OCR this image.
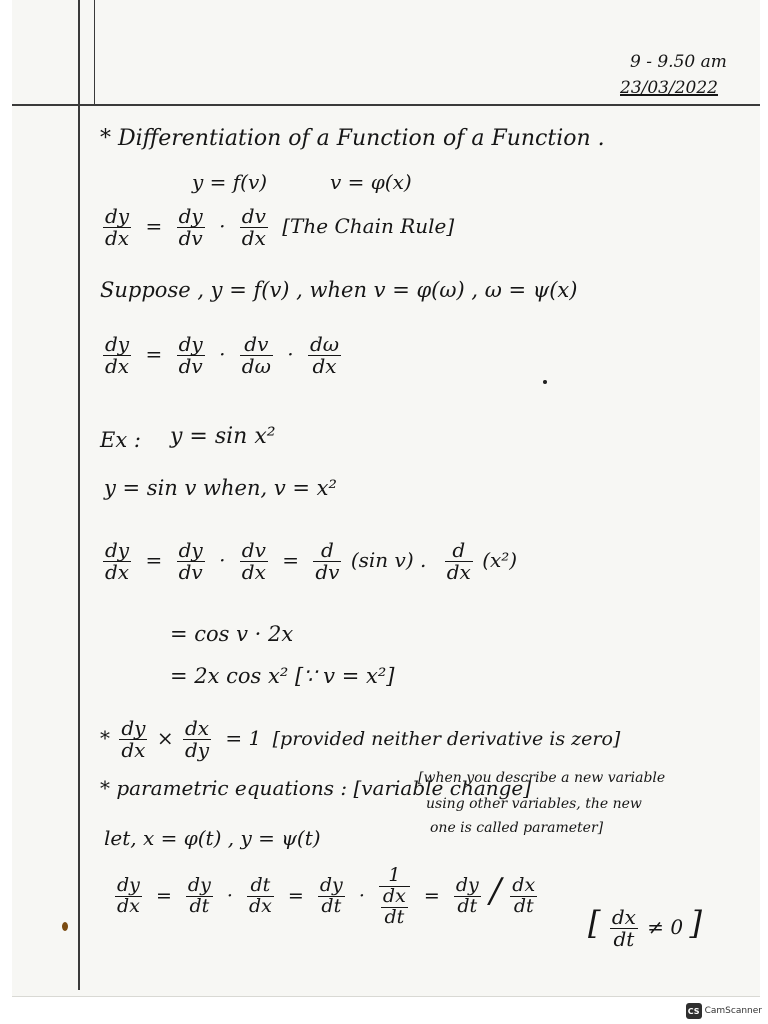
9 - 9.50 am
23/03/2022
* Differentiation of a Function of a Function .
y = f(v)	v = φ(x)
$\frac{dy}{dx} = \frac{dy}{dv} \cdot \frac{dv}{dx} [The$ Chain Rule]
Suppose , y = f(v) , when v = φ(ω) , ω = ψ(x)
$\frac{dy}{dx} = \frac{dy}{dv} \cdot \frac{dv}{d\omega} \cdot \frac{d\omega}{dx}$
Ex : y = sin x²
y = sin v when, v = x²
$\frac{dy}{dx} = \frac{dy}{dv} \cdot \frac{dv}{dx} = \frac{d}{dv} (\sin$ v) . $\frac{d}{dx} (x^2)$
= cos v · 2x
= 2x cos x² [∵ v = x²]
* $\frac{dy}{dx} \times \frac{dx}{dy} = 1$ [provided neither derivative is zero]
* parametric equations : [variable change]
[when you describe a new variable
using other variables, the new
one is called parameter]
let, x = φ(t) , y = ψ(t)
$\frac{dy}{dx} = \frac{dy}{dt} \cdot \frac{dt}{dx} = \frac{dy}{dt} \cdot \frac{1}{\frac{dx}{dt}} = \frac{dy}{dt} / \frac{dx}{dt}$
[ $\frac{dx}{dt} \ne 0$ ]
CS CamScanner
